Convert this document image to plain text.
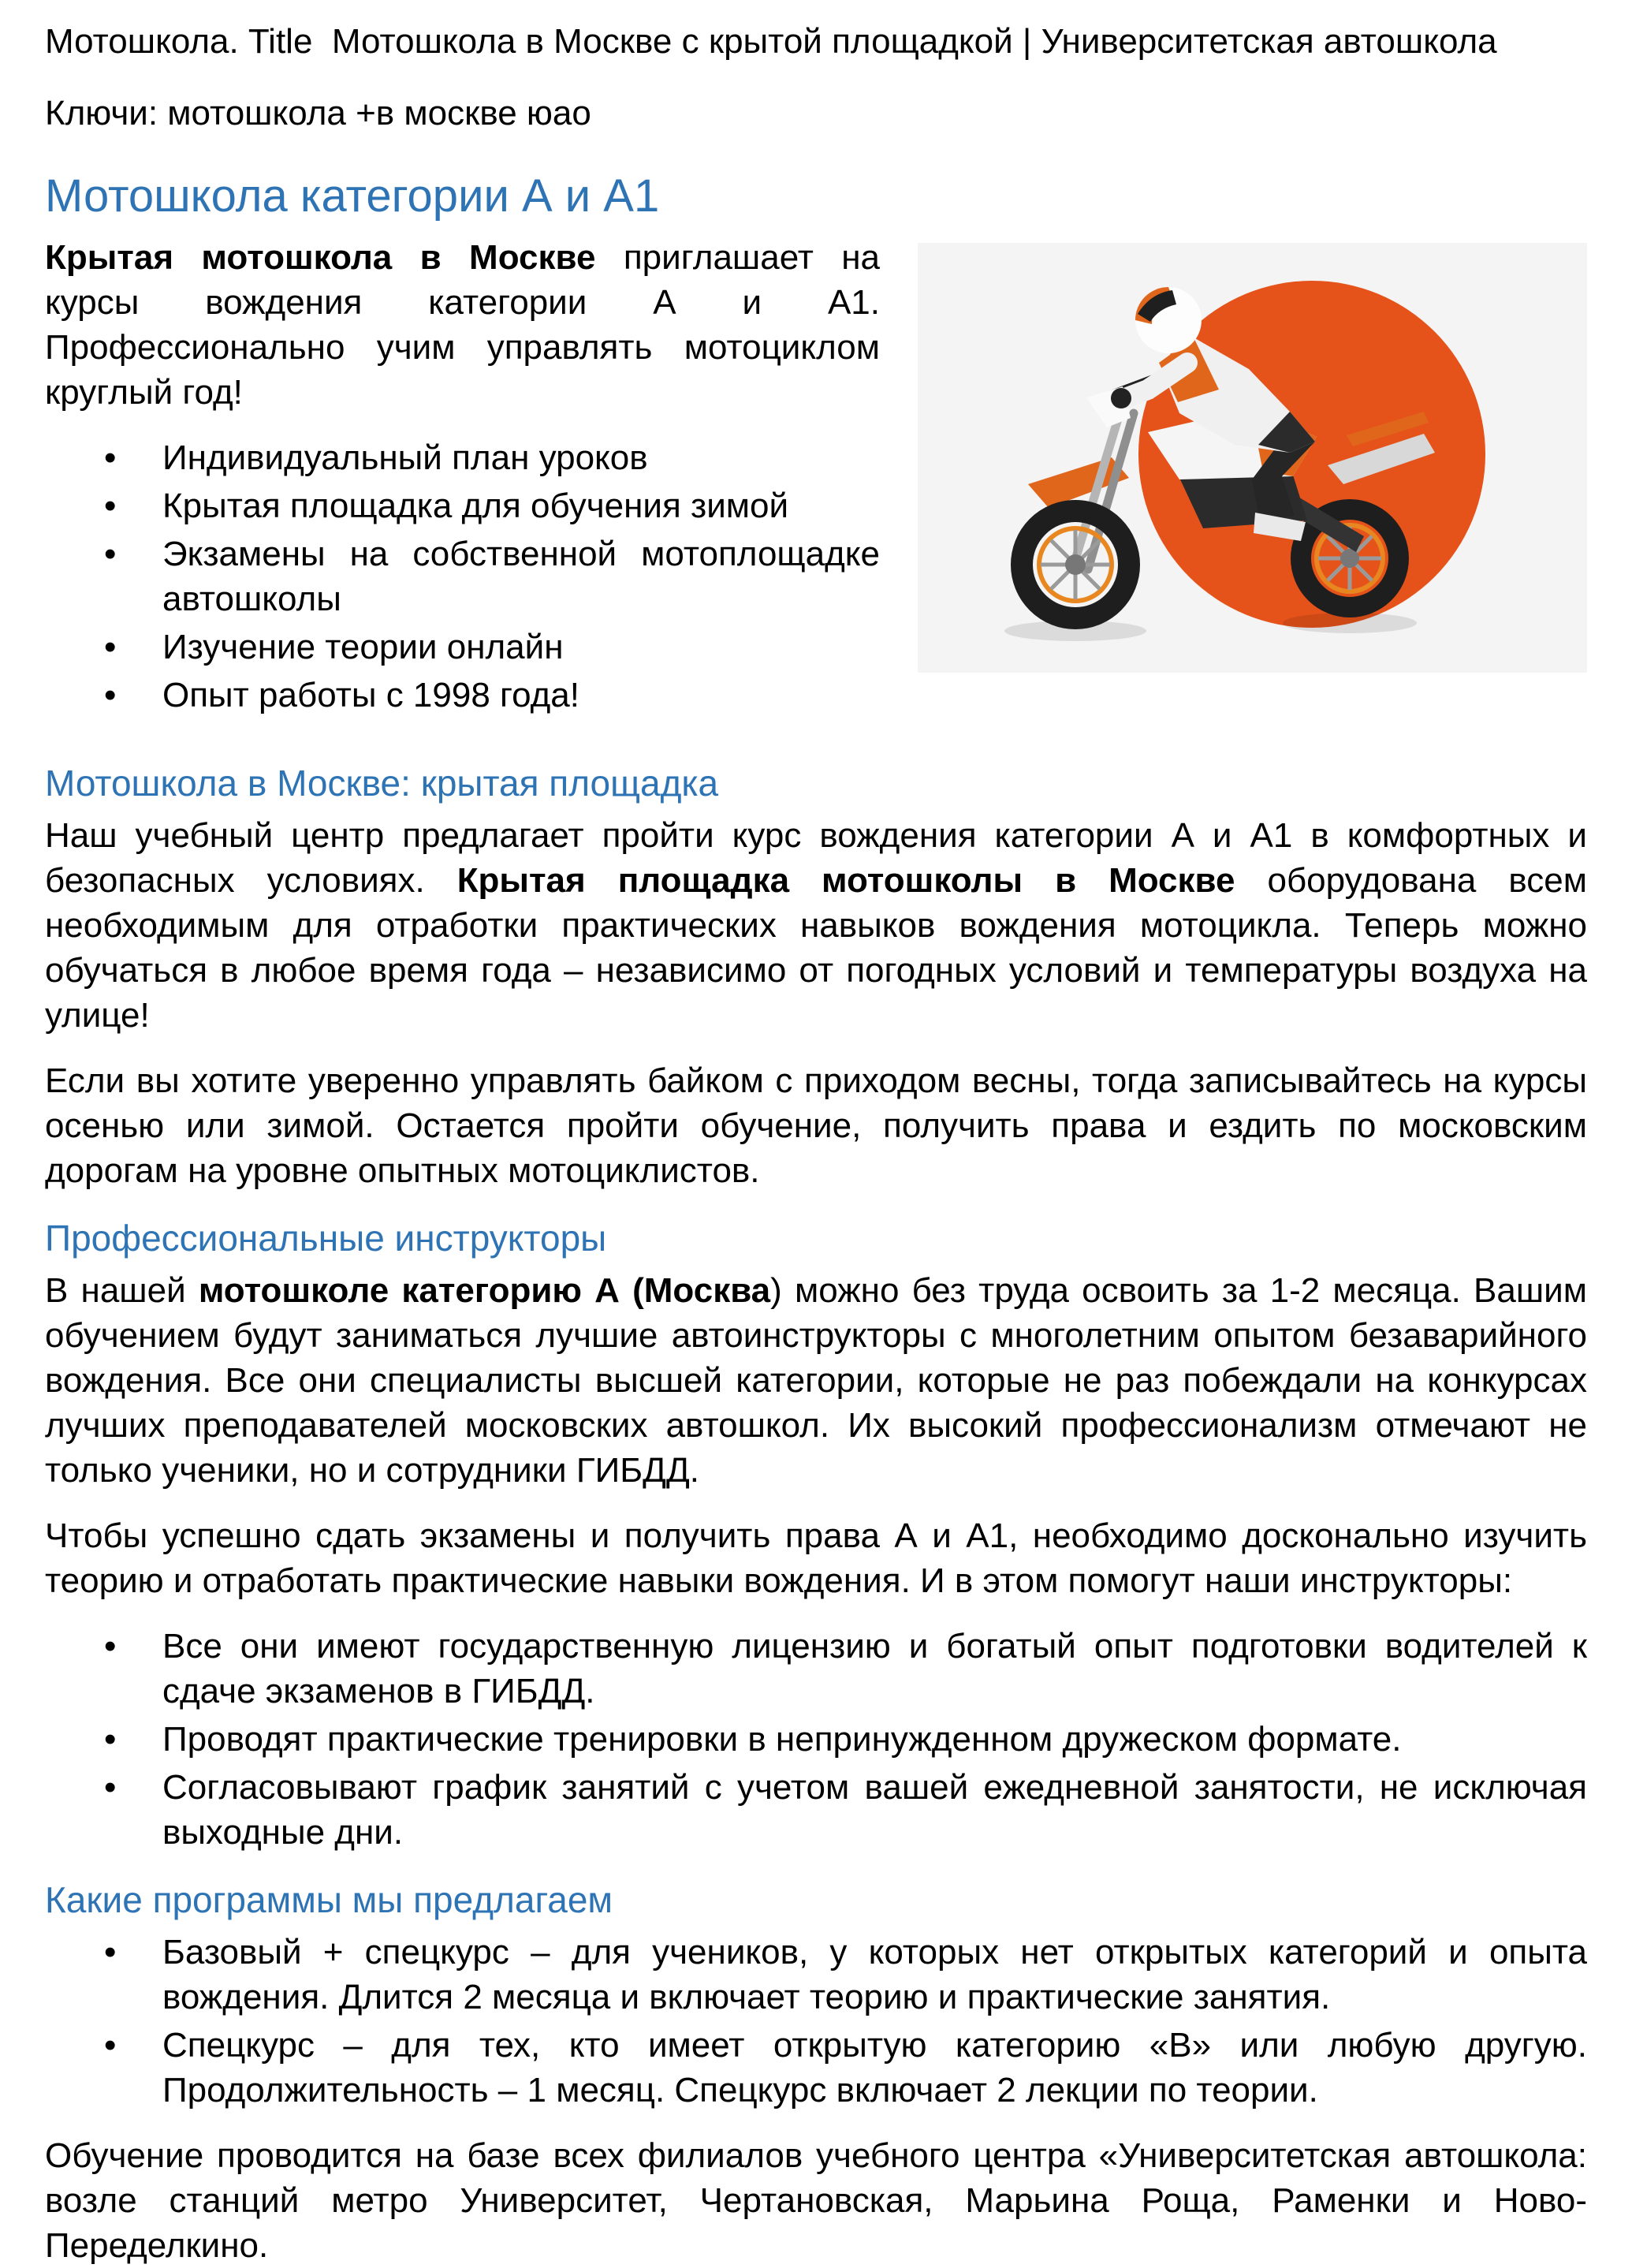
Мотошкола. Title  Мотошкола в Москве с крытой площадкой | Университетская автошкола

Ключи: мотошкола +в москве юао

Мотошкола категории А и А1

Крытая мотошкола в Москве приглашает на курсы вождения категории А и А1. Профессионально учим управлять мотоциклом круглый год!

• Индивидуальный план уроков
• Крытая площадка для обучения зимой
• Экзамены на собственной мотоплощадке автошколы
• Изучение теории онлайн
• Опыт работы с 1998 года!
Мотошкола в Москве: крытая площадка

Наш учебный центр предлагает пройти курс вождения категории А и А1 в комфортных и безопасных условиях. Крытая площадка мотошколы в Москве оборудована всем необходимым для отработки практических навыков вождения мотоцикла. Теперь можно обучаться в любое время года – независимо от погодных условий и температуры воздуха на улице!

Если вы хотите уверенно управлять байком с приходом весны, тогда записывайтесь на курсы осенью или зимой. Остается пройти обучение, получить права и ездить по московским дорогам на уровне опытных мотоциклистов.

Профессиональные инструкторы

В нашей мотошколе категорию А (Москва) можно без труда освоить за 1-2 месяца. Вашим обучением будут заниматься лучшие автоинструкторы с многолетним опытом безаварийного вождения. Все они специалисты высшей категории, которые не раз побеждали на конкурсах лучших преподавателей московских автошкол. Их высокий профессионализм отмечают не только ученики, но и сотрудники ГИБДД.

Чтобы успешно сдать экзамены и получить права А и А1, необходимо досконально изучить теорию и отработать практические навыки вождения. И в этом помогут наши инструкторы:

• Все они имеют государственную лицензию и богатый опыт подготовки водителей к сдаче экзаменов в ГИБДД.
• Проводят практические тренировки в непринужденном дружеском формате.
• Согласовывают график занятий с учетом вашей ежедневной занятости, не исключая выходные дни.
Какие программы мы предлагаем
• Базовый + спецкурс – для учеников, у которых нет открытых категорий и опыта вождения. Длится 2 месяца и включает теорию и практические занятия.
• Спецкурс – для тех, кто имеет открытую категорию «В» или любую другую. Продолжительность – 1 месяц. Спецкурс включает 2 лекции по теории.

Обучение проводится на базе всех филиалов учебного центра «Университетская автошкола: возле станций метро Университет, Чертановская, Марьина Роща, Раменки и Ново-Переделкино.
